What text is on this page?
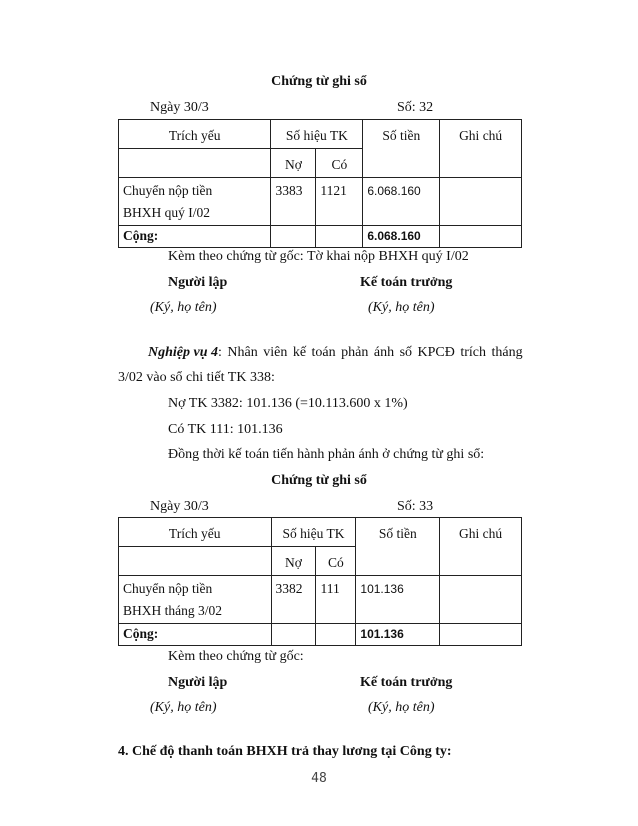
Chứng từ ghi sổ
Ngày 30/3	Số: 32
Trích yếu	Số hiệu TK		Số tiền	Ghi chú

	Nợ	Có		

Chuyển nộp tiền
BHXH quý I/02	3383	1121	6.068.160	

Cộng:			6.068.160	

Kèm theo chứng từ gốc: Tờ khai nộp BHXH quý I/02
Người lập	Kế toán trưởng
(Ký, họ tên)	(Ký, họ tên)
Nghiệp vụ 4: Nhân viên kế toán phản ánh số KPCĐ trích tháng
3/02 vào sổ chi tiết TK 338:
Nợ TK 3382: 101.136 (=10.113.600 x 1%)
Có TK 111: 101.136
Đồng thời kế toán tiến hành phản ánh ở chứng từ ghi sổ:
Chứng từ ghi sổ
Ngày 30/3	Số: 33
Trích yếu	Số hiệu TK		Số tiền	Ghi chú

	Nợ	Có		

Chuyển nộp tiền
BHXH tháng 3/02	3382	111	101.136	

Cộng:			101.136	

Kèm theo chứng từ gốc:
Người lập	Kế toán trưởng
(Ký, họ tên)	(Ký, họ tên)
4. Chế độ thanh toán BHXH trả thay lương tại Công ty:
48
